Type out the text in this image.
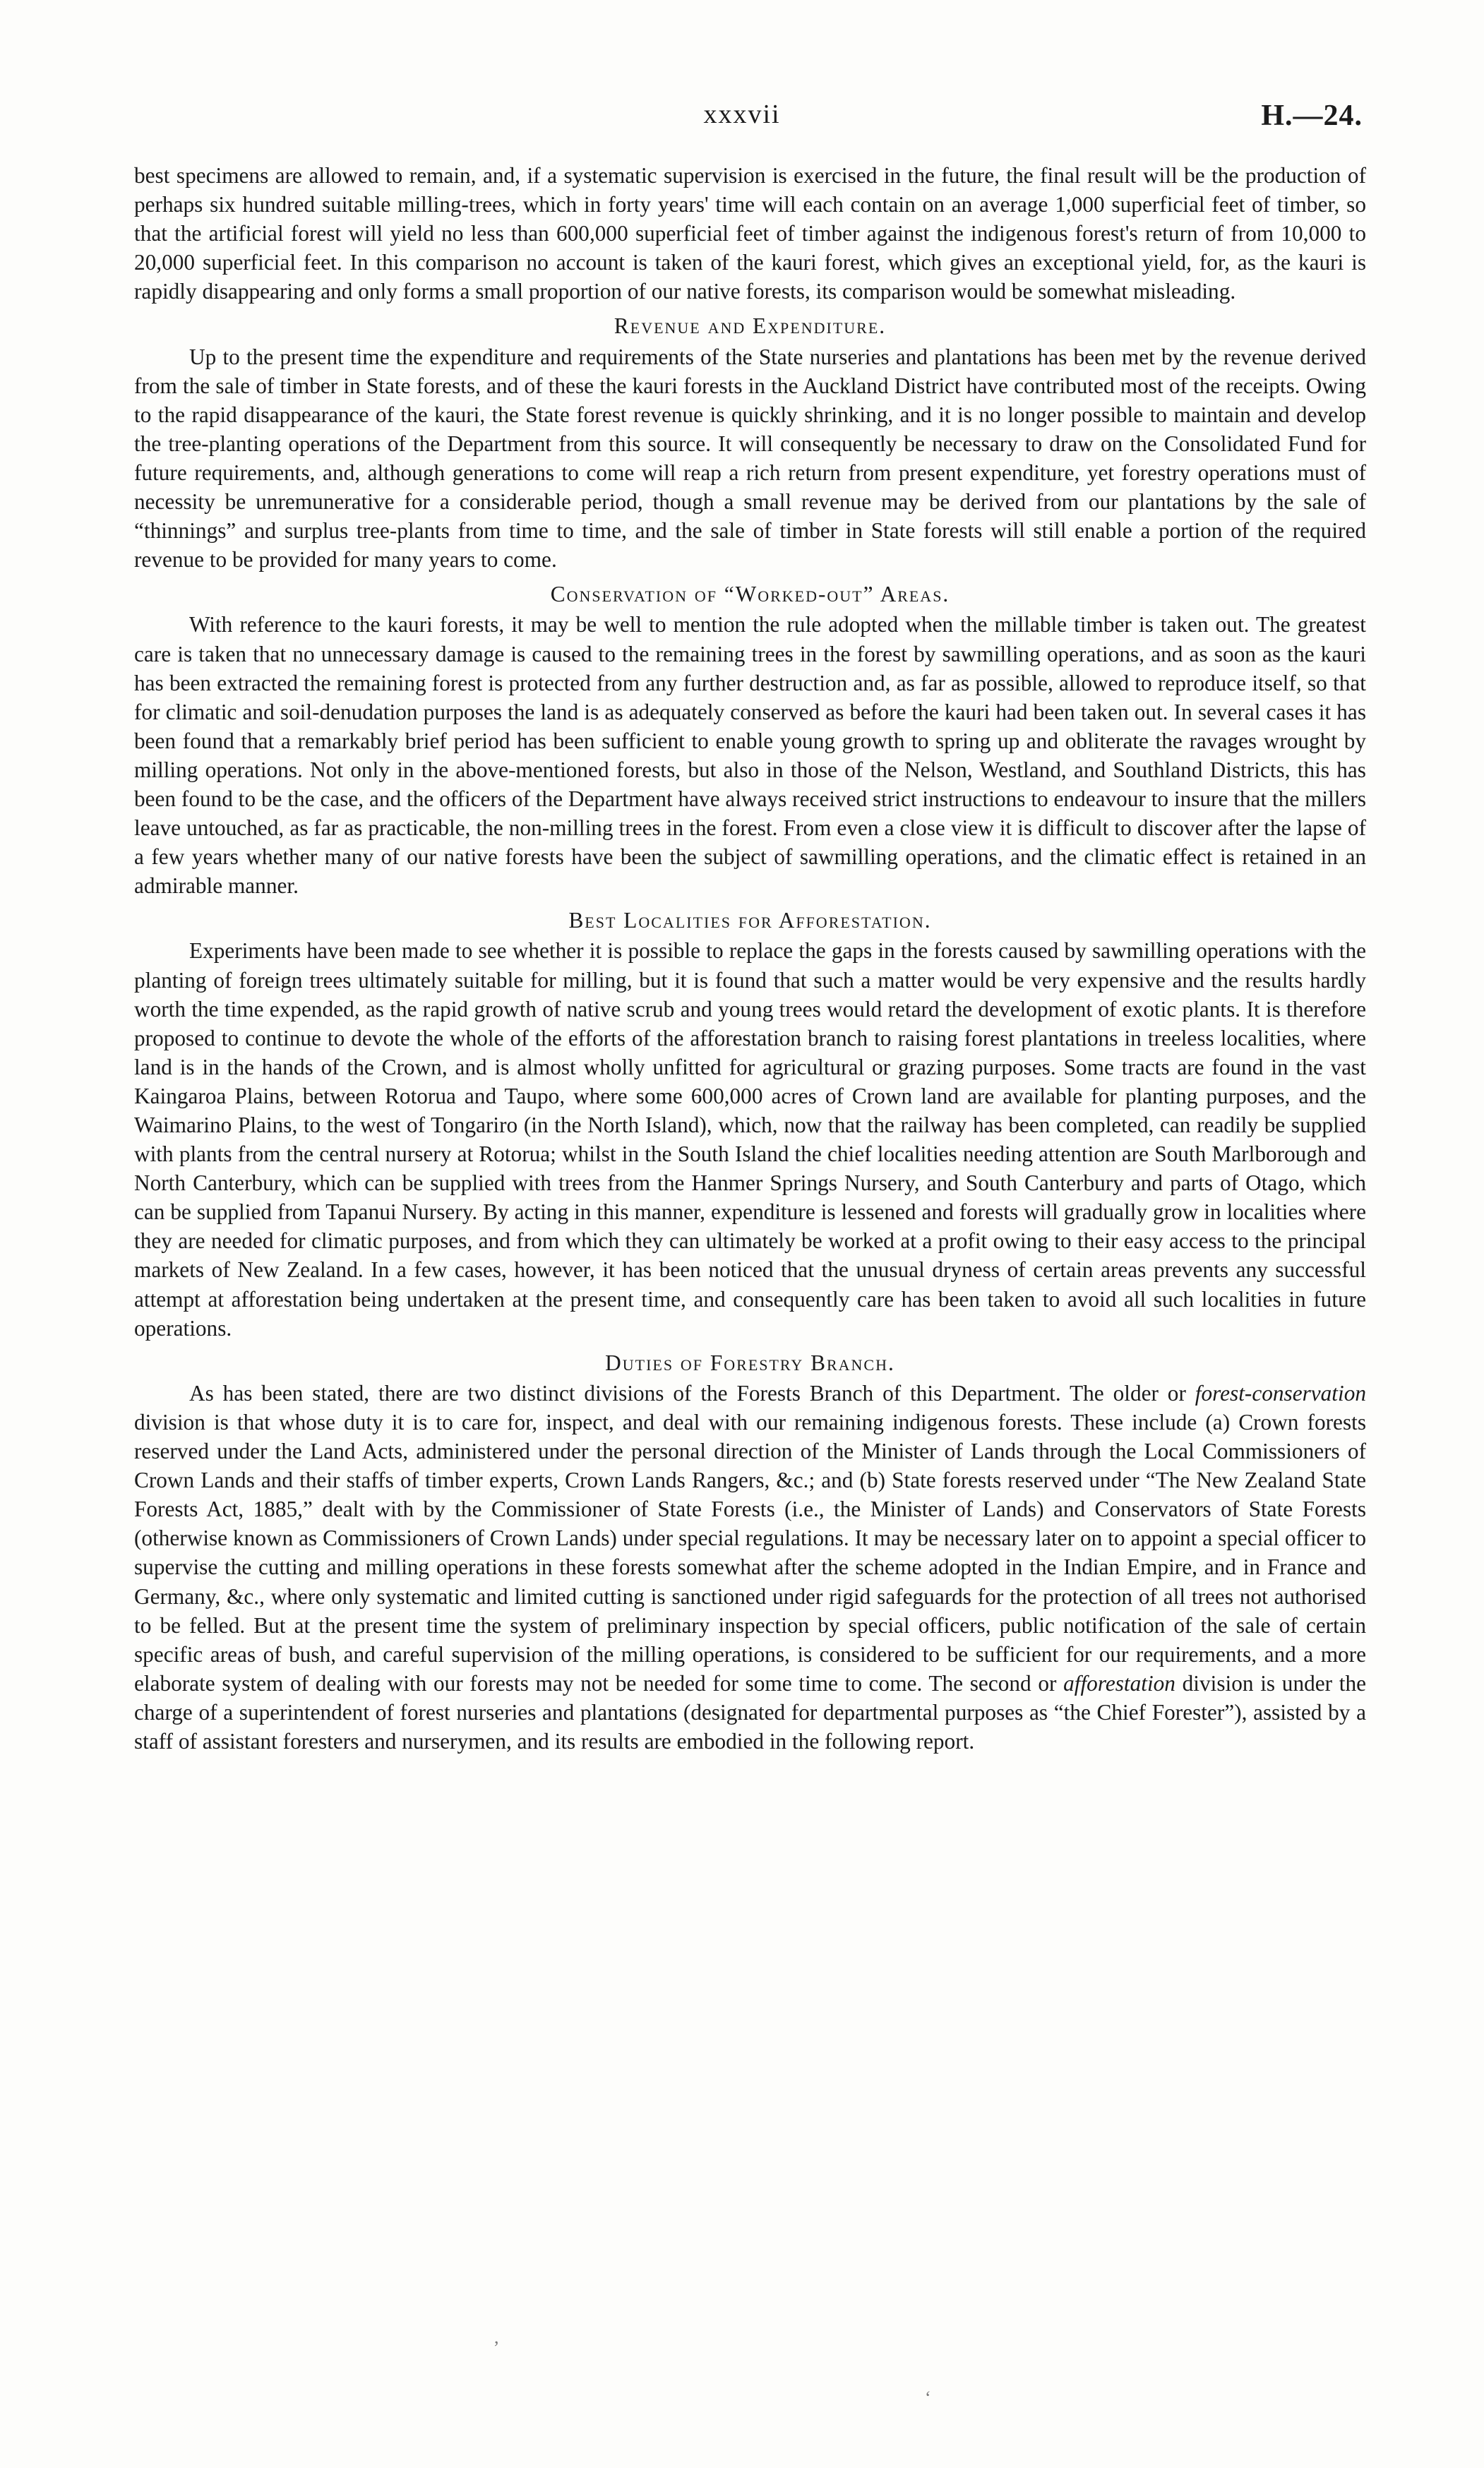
xxxvii	H.—24.

best specimens are allowed to remain, and, if a systematic supervision is exercised in the future, the final result will be the production of perhaps six hundred suitable milling-trees, which in forty years' time will each contain on an average 1,000 superficial feet of timber, so that the artificial forest will yield no less than 600,000 superficial feet of timber against the indigenous forest's return of from 10,000 to 20,000 superficial feet. In this comparison no account is taken of the kauri forest, which gives an exceptional yield, for, as the kauri is rapidly disappearing and only forms a small proportion of our native forests, its comparison would be somewhat misleading.

Revenue and Expenditure.

Up to the present time the expenditure and requirements of the State nurseries and plantations has been met by the revenue derived from the sale of timber in State forests, and of these the kauri forests in the Auckland District have contributed most of the receipts. Owing to the rapid disappearance of the kauri, the State forest revenue is quickly shrinking, and it is no longer possible to maintain and develop the tree-planting operations of the Department from this source. It will consequently be necessary to draw on the Consolidated Fund for future requirements, and, although generations to come will reap a rich return from present expenditure, yet forestry operations must of necessity be unremunerative for a considerable period, though a small revenue may be derived from our plantations by the sale of “thinnings” and surplus tree-plants from time to time, and the sale of timber in State forests will still enable a portion of the required revenue to be provided for many years to come.

Conservation of “Worked-out” Areas.

With reference to the kauri forests, it may be well to mention the rule adopted when the millable timber is taken out. The greatest care is taken that no unnecessary damage is caused to the remaining trees in the forest by sawmilling operations, and as soon as the kauri has been extracted the remaining forest is protected from any further destruction and, as far as possible, allowed to reproduce itself, so that for climatic and soil-denudation purposes the land is as adequately conserved as before the kauri had been taken out. In several cases it has been found that a remarkably brief period has been sufficient to enable young growth to spring up and obliterate the ravages wrought by milling operations. Not only in the above-mentioned forests, but also in those of the Nelson, Westland, and Southland Districts, this has been found to be the case, and the officers of the Department have always received strict instructions to endeavour to insure that the millers leave untouched, as far as practicable, the non-milling trees in the forest. From even a close view it is difficult to discover after the lapse of a few years whether many of our native forests have been the subject of sawmilling operations, and the climatic effect is retained in an admirable manner.

Best Localities for Afforestation.

Experiments have been made to see whether it is possible to replace the gaps in the forests caused by sawmilling operations with the planting of foreign trees ultimately suitable for milling, but it is found that such a matter would be very expensive and the results hardly worth the time expended, as the rapid growth of native scrub and young trees would retard the development of exotic plants. It is therefore proposed to continue to devote the whole of the efforts of the afforestation branch to raising forest plantations in treeless localities, where land is in the hands of the Crown, and is almost wholly unfitted for agricultural or grazing purposes. Some tracts are found in the vast Kaingaroa Plains, between Rotorua and Taupo, where some 600,000 acres of Crown land are available for planting purposes, and the Waimarino Plains, to the west of Tongariro (in the North Island), which, now that the railway has been completed, can readily be supplied with plants from the central nursery at Rotorua; whilst in the South Island the chief localities needing attention are South Marlborough and North Canterbury, which can be supplied with trees from the Hanmer Springs Nursery, and South Canterbury and parts of Otago, which can be supplied from Tapanui Nursery. By acting in this manner, expenditure is lessened and forests will gradually grow in localities where they are needed for climatic purposes, and from which they can ultimately be worked at a profit owing to their easy access to the principal markets of New Zealand. In a few cases, however, it has been noticed that the unusual dryness of certain areas prevents any successful attempt at afforestation being undertaken at the present time, and consequently care has been taken to avoid all such localities in future operations.

Duties of Forestry Branch.

As has been stated, there are two distinct divisions of the Forests Branch of this Department. The older or forest-conservation division is that whose duty it is to care for, inspect, and deal with our remaining indigenous forests. These include (a) Crown forests reserved under the Land Acts, administered under the personal direction of the Minister of Lands through the Local Commissioners of Crown Lands and their staffs of timber experts, Crown Lands Rangers, &c.; and (b) State forests reserved under “The New Zealand State Forests Act, 1885,” dealt with by the Commissioner of State Forests (i.e., the Minister of Lands) and Conservators of State Forests (otherwise known as Commissioners of Crown Lands) under special regulations. It may be necessary later on to appoint a special officer to supervise the cutting and milling operations in these forests somewhat after the scheme adopted in the Indian Empire, and in France and Germany, &c., where only systematic and limited cutting is sanctioned under rigid safeguards for the protection of all trees not authorised to be felled. But at the present time the system of preliminary inspection by special officers, public notification of the sale of certain specific areas of bush, and careful supervision of the milling operations, is considered to be sufficient for our requirements, and a more elaborate system of dealing with our forests may not be needed for some time to come. The second or afforestation division is under the charge of a superintendent of forest nurseries and plantations (designated for departmental purposes as “the Chief Forester”), assisted by a staff of assistant foresters and nurserymen, and its results are embodied in the following report.

,
‘
